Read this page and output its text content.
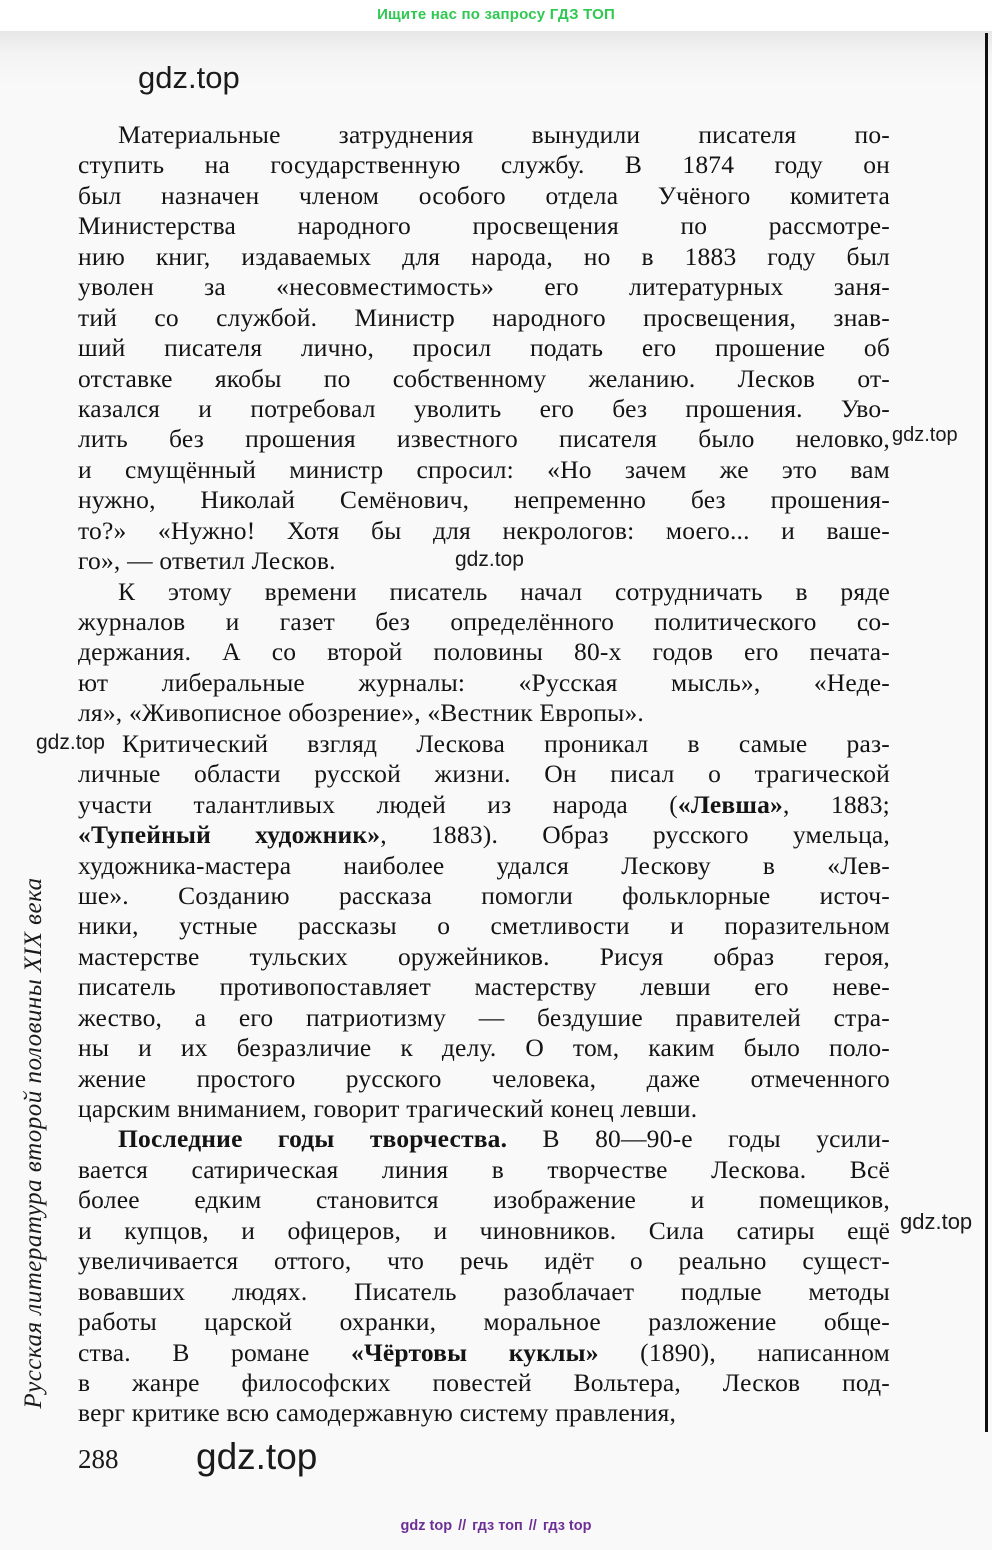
Ищите нас по запросу ГДЗ ТОП
gdz.top
Материальные затруднения вынудили писателя по-
ступить на государственную службу. В 1874 году он
был назначен членом особого отдела Учёного комитета
Министерства народного просвещения по рассмотре-
нию книг, издаваемых для народа, но в 1883 году был
уволен за «несовместимость» его литературных заня-
тий со службой. Министр народного просвещения, знав-
ший писателя лично, просил подать его прошение об
отставке якобы по собственному желанию. Лесков от-
казался и потребовал уволить его без прошения. Уво-
лить без прошения известного писателя было неловко,
и смущённый министр спросил: «Но зачем же это вам
нужно, Николай Семёнович, непременно без прошения-
то?» «Нужно! Хотя бы для некрологов: моего... и ваше-
го», — ответил Лесков.
К этому времени писатель начал сотрудничать в ряде
журналов и газет без определённого политического со-
держания. А со второй половины 80-х годов его печата-
ют либеральные журналы: «Русская мысль», «Неде-
ля», «Живописное обозрение», «Вестник Европы».
Критический взгляд Лескова проникал в самые раз-
личные области русской жизни. Он писал о трагической
участи талантливых людей из народа («Левша», 1883;
«Тупейный художник», 1883). Образ русского умельца,
художника-мастера наиболее удался Лескову в «Лев-
ше». Созданию рассказа помогли фольклорные источ-
ники, устные рассказы о сметливости и поразительном
мастерстве тульских оружейников. Рисуя образ героя,
писатель противопоставляет мастерству левши его неве-
жество, а его патриотизму — бездушие правителей стра-
ны и их безразличие к делу. О том, каким было поло-
жение простого русского человека, даже отмеченного
царским вниманием, говорит трагический конец левши.
Последние годы творчества. В 80—90-е годы усили-
вается сатирическая линия в творчестве Лескова. Всё
более едким становится изображение и помещиков,
и купцов, и офицеров, и чиновников. Сила сатиры ещё
увеличивается оттого, что речь идёт о реально сущест-
вовавших людях. Писатель разоблачает подлые методы
работы царской охранки, моральное разложение обще-
ства. В романе «Чёртовы куклы» (1890), написанном
в жанре философских повестей Вольтера, Лесков под-
верг критике всю самодержавную систему правления,
gdz.top
gdz.top
gdz.top
gdz.top
Русская литература второй половины XIX века
288 gdz.top
gdz top // гдз топ // гдз top
